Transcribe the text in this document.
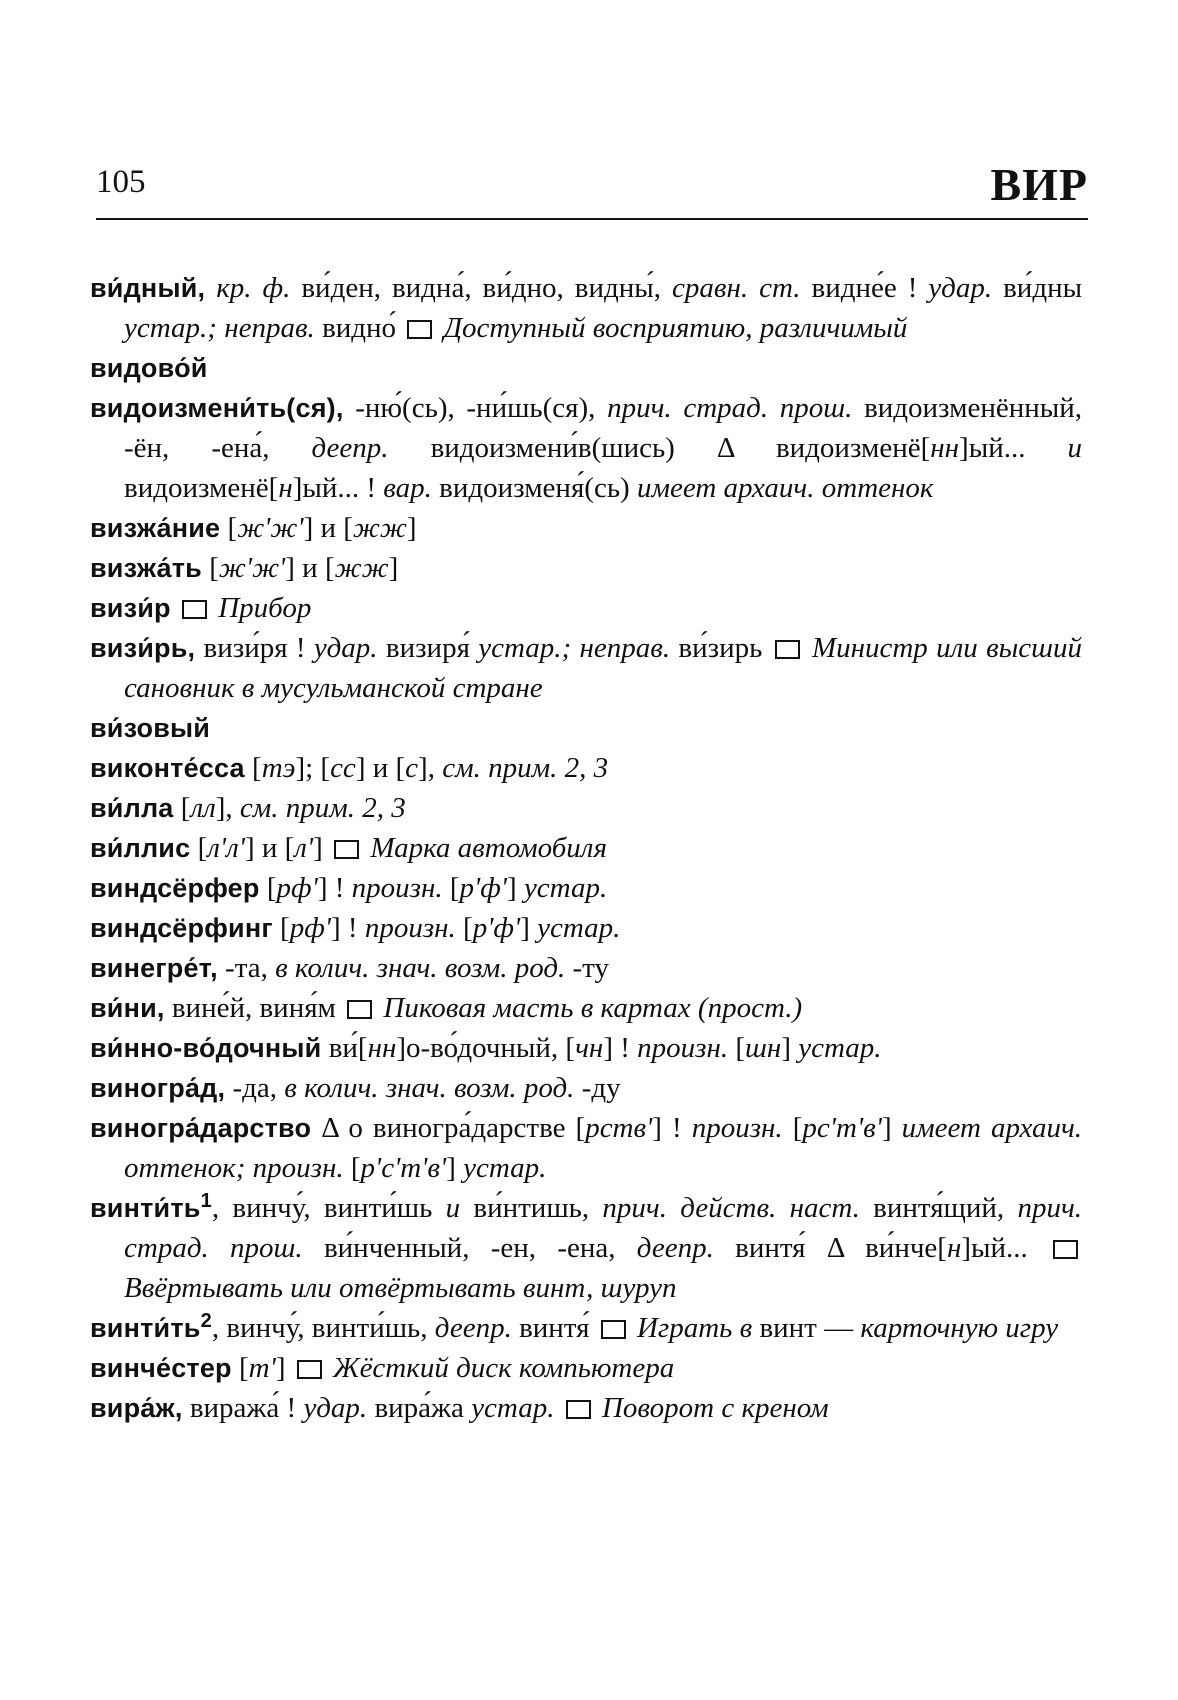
105	ВИР

ви́дный, кр. ф. ви́ден, видна́, ви́дно, видны́, сравн. ст. видне́е ! удар. ви́дны устар.; неправ. видно́ Доступный восприятию, различимый

видово́й

видоизмени́ть(ся), -ню́(сь), -ни́шь(ся), прич. страд. прош. видоизменённый, -ён, -ена́, деепр. видоизмени́в(шись) Δ видоизменё[нн]ый... и видоизменё[н]ый... ! вар. видоизменя́(сь) имеет архаич. оттенок

визжа́ние [ж'ж'] и [жж]

визжа́ть [ж'ж'] и [жж]

визи́р Прибор

визи́рь, визи́ря ! удар. визиря́ устар.; неправ. ви́зирь Министр или высший сановник в мусульманской стране

ви́зовый

виконте́сса [тэ]; [сс] и [с], см. прим. 2, 3

ви́лла [лл], см. прим. 2, 3

ви́ллис [л'л'] и [л'] Марка автомобиля

виндсёрфер [рф'] ! произн. [р'ф'] устар.

виндсёрфинг [рф'] ! произн. [р'ф'] устар.

винегре́т, -та, в колич. знач. возм. род. -ту

ви́ни, вине́й, виня́м Пиковая масть в картах (прост.)

ви́нно-во́дочный ви́[нн]о-во́дочный, [чн] ! произн. [шн] устар.

виногра́д, -да, в колич. знач. возм. род. -ду

виногра́дарство Δ о виногра́дарстве [рств'] ! произн. [рс'т'в'] имеет архаич. оттенок; произн. [р'с'т'в'] устар.

$винти́ть^1$, винчу́, винти́шь и ви́нтишь, прич. действ. наст. винтя́щий, прич. страд. прош. ви́нченный, -ен, -ена, деепр. винтя́ Δ ви́нче[н]ый...  Ввёртывать или отвёртывать винт, шуруп

$винти́ть^2$, винчу́, винти́шь, деепр. винтя́ Играть в винт — карточную игру

винче́стер [т'] Жёсткий диск компьютера

вира́ж, виража́ ! удар. вира́жа устар. Поворот с креном
